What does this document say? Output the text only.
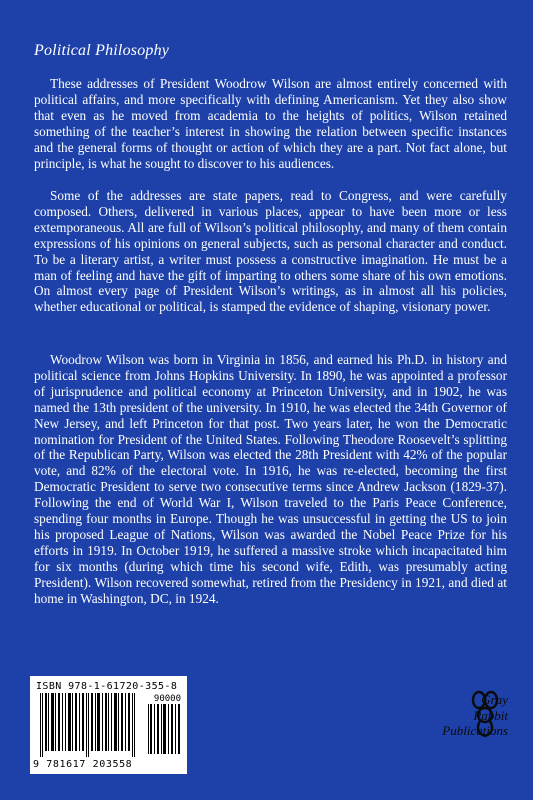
Political Philosophy

These addresses of President Woodrow Wilson are almost entirely concerned with political affairs, and more specifically with defining Americanism. Yet they also show that even as he moved from academia to the heights of politics, Wilson retained something of the teacher’s interest in showing the relation between specific instances and the general forms of thought or action of which they are a part. Not fact alone, but principle, is what he sought to discover to his audiences.

Some of the addresses are state papers, read to Congress, and were carefully composed. Others, delivered in various places, appear to have been more or less extemporaneous. All are full of Wilson’s political philosophy, and many of them contain expressions of his opinions on general subjects, such as personal character and conduct. To be a literary artist, a writer must possess a constructive imagination. He must be a man of feeling and have the gift of imparting to others some share of his own emotions. On almost every page of President Wilson’s writings, as in almost all his policies, whether educational or political, is stamped the evidence of shaping, visionary power.

Woodrow Wilson was born in Virginia in 1856, and earned his Ph.D. in history and political science from Johns Hopkins University. In 1890, he was appointed a professor of jurisprudence and political economy at Princeton University, and in 1902, he was named the 13th president of the university. In 1910, he was elected the 34th Governor of New Jersey, and left Princeton for that post. Two years later, he won the Democratic nomination for President of the United States. Following Theodore Roosevelt’s splitting of the Republican Party, Wilson was elected the 28th President with 42% of the popular vote, and 82% of the electoral vote. In 1916, he was re-elected, becoming the first Democratic President to serve two consecutive terms since Andrew Jackson (1829-37). Following the end of World War I, Wilson traveled to the Paris Peace Conference, spending four months in Europe. Though he was unsuccessful in getting the US to join his proposed League of Nations, Wilson was awarded the Nobel Peace Prize for his efforts in 1919. In October 1919, he suffered a massive stroke which incapacitated him for six months (during which time his second wife, Edith, was presumably acting President). Wilson recovered somewhat, retired from the Presidency in 1921, and died at home in Washington, DC, in 1924.

ISBN 978-1-61720-355-8
90000
9 781617 203558
Gray
Rabbit
Publications
